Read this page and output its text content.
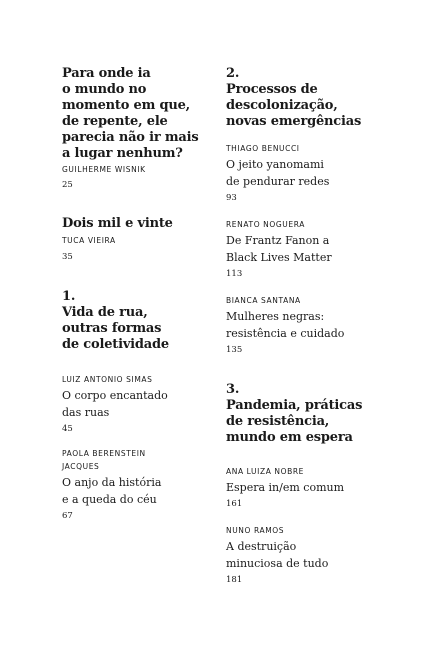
Para onde ia
o mundo no
momento em que,
de repente, ele
parecia não ir mais
a lugar nenhum?

GUILHERME WISNIK

25

Dois mil e vinte

TUCA VIEIRA

35

1.
Vida de rua,
outras formas
de coletividade

LUIZ ANTONIO SIMAS

O corpo encantado
das ruas

45

PAOLA BERENSTEIN
JACQUES

O anjo da história
e a queda do céu

67

2.
Processos de
descolonização,
novas emergências

THIAGO BENUCCI

O jeito yanomami
de pendurar redes

93

RENATO NOGUERA

De Frantz Fanon a
Black Lives Matter

113

BIANCA SANTANA

Mulheres negras:
resistência e cuidado

135

3.
Pandemia, práticas
de resistência,
mundo em espera

ANA LUIZA NOBRE

Espera in/em comum

161

NUNO RAMOS

A destruição
minuciosa de tudo

181
